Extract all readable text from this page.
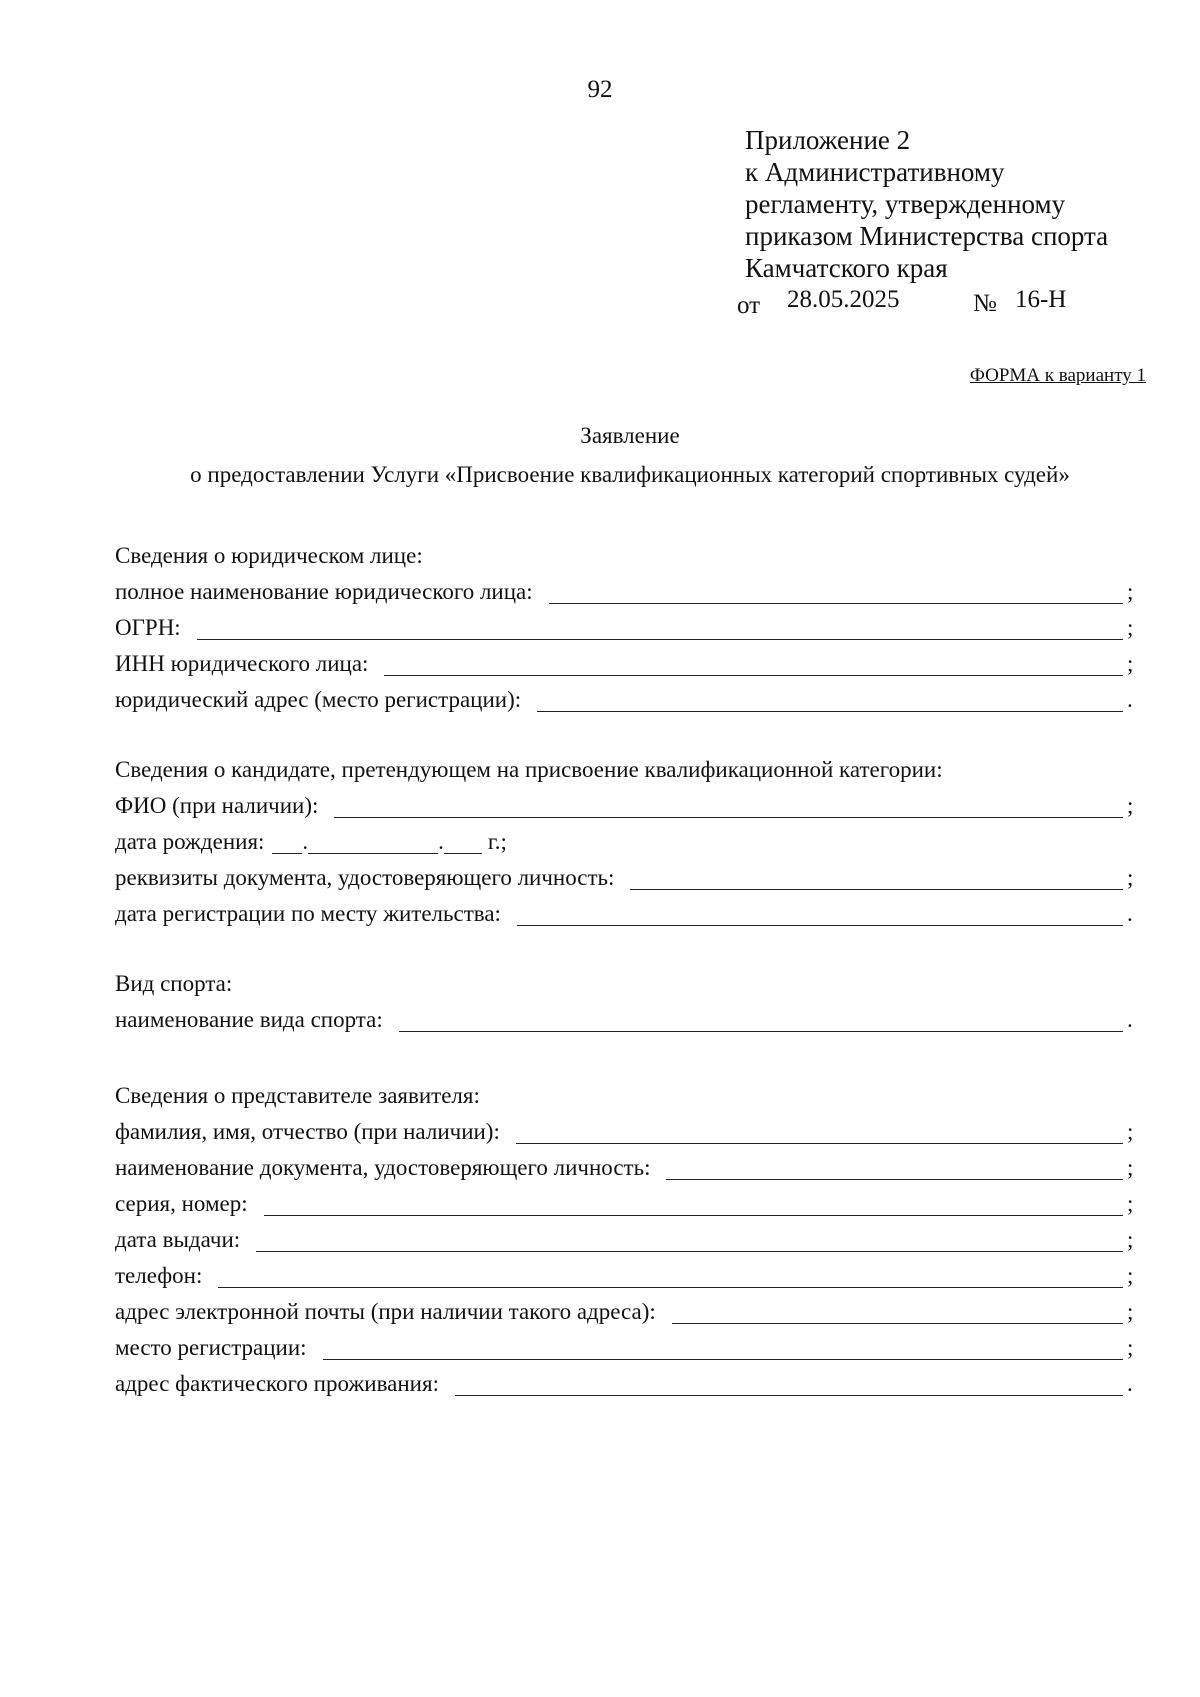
92
Приложение 2
к Административному
регламенту, утвержденному
приказом Министерства спорта
Камчатского края
от 28.05.2025	№ 16-Н
ФОРМА к варианту 1
Заявление
о предоставлении Услуги «Присвоение квалификационных категорий спортивных судей»
Сведения о юридическом лице:
полное наименование юридического лица:	;
ОГРН:	;
ИНН юридического лица:	;
юридический адрес (место регистрации):	.
Сведения о кандидате, претендующем на присвоение квалификационной категории:
ФИО (при наличии):	;
дата рождения: .	. г.;
реквизиты документа, удостоверяющего личность:	;
дата регистрации по месту жительства:	.
Вид спорта:
наименование вида спорта:	.
Сведения о представителе заявителя:
фамилия, имя, отчество (при наличии):	;
наименование документа, удостоверяющего личность:	;
серия, номер:	;
дата выдачи:	;
телефон:	;
адрес электронной почты (при наличии такого адреса):	;
место регистрации:	;
адрес фактического проживания:	.
